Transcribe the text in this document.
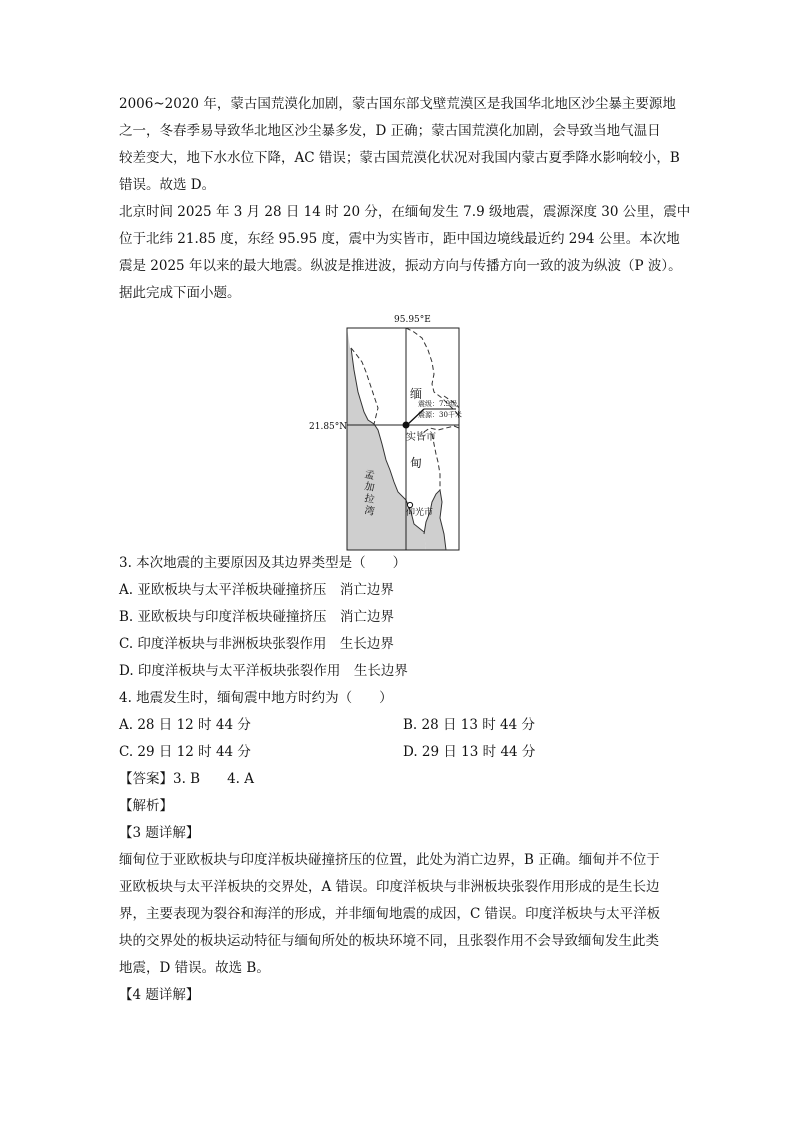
2006~2020 年，蒙古国荒漠化加剧，蒙古国东部戈壁荒漠区是我国华北地区沙尘暴主要源地
之一，冬春季易导致华北地区沙尘暴多发，D 正确；蒙古国荒漠化加剧，会导致当地气温日
较差变大，地下水水位下降，AC 错误；蒙古国荒漠化状况对我国内蒙古夏季降水影响较小，B
错误。故选 D。
北京时间 2025 年 3 月 28 日 14 时 20 分，在缅甸发生 7.9 级地震，震源深度 30 公里，震中
位于北纬 21.85 度，东经 95.95 度，震中为实皆市，距中国边境线最近约 294 公里。本次地
震是 2025 年以来的最大地震。纵波是推进波，振动方向与传播方向一致的波为纵波（P 波）。
据此完成下面小题。
95.95°E
21.85°N
缅
甸
实皆市
震级：7.9级
震源：30千米
孟
加
拉
湾	仰光市
3. 本次地震的主要原因及其边界类型是（　　）
A. 亚欧板块与太平洋板块碰撞挤压　消亡边界
B. 亚欧板块与印度洋板块碰撞挤压　消亡边界
C. 印度洋板块与非洲板块张裂作用　生长边界
D. 印度洋板块与太平洋板块张裂作用　生长边界
4. 地震发生时，缅甸震中地方时约为（　　）
A. 28 日 12 时 44 分	B. 28 日 13 时 44 分
C. 29 日 12 时 44 分	D. 29 日 13 时 44 分
【答案】3. B　　4. A
【解析】
【3 题详解】
缅甸位于亚欧板块与印度洋板块碰撞挤压的位置，此处为消亡边界，B 正确。缅甸并不位于
亚欧板块与太平洋板块的交界处，A 错误。印度洋板块与非洲板块张裂作用形成的是生长边
界，主要表现为裂谷和海洋的形成，并非缅甸地震的成因，C 错误。印度洋板块与太平洋板
块的交界处的板块运动特征与缅甸所处的板块环境不同，且张裂作用不会导致缅甸发生此类
地震，D 错误。故选 B。
【4 题详解】
